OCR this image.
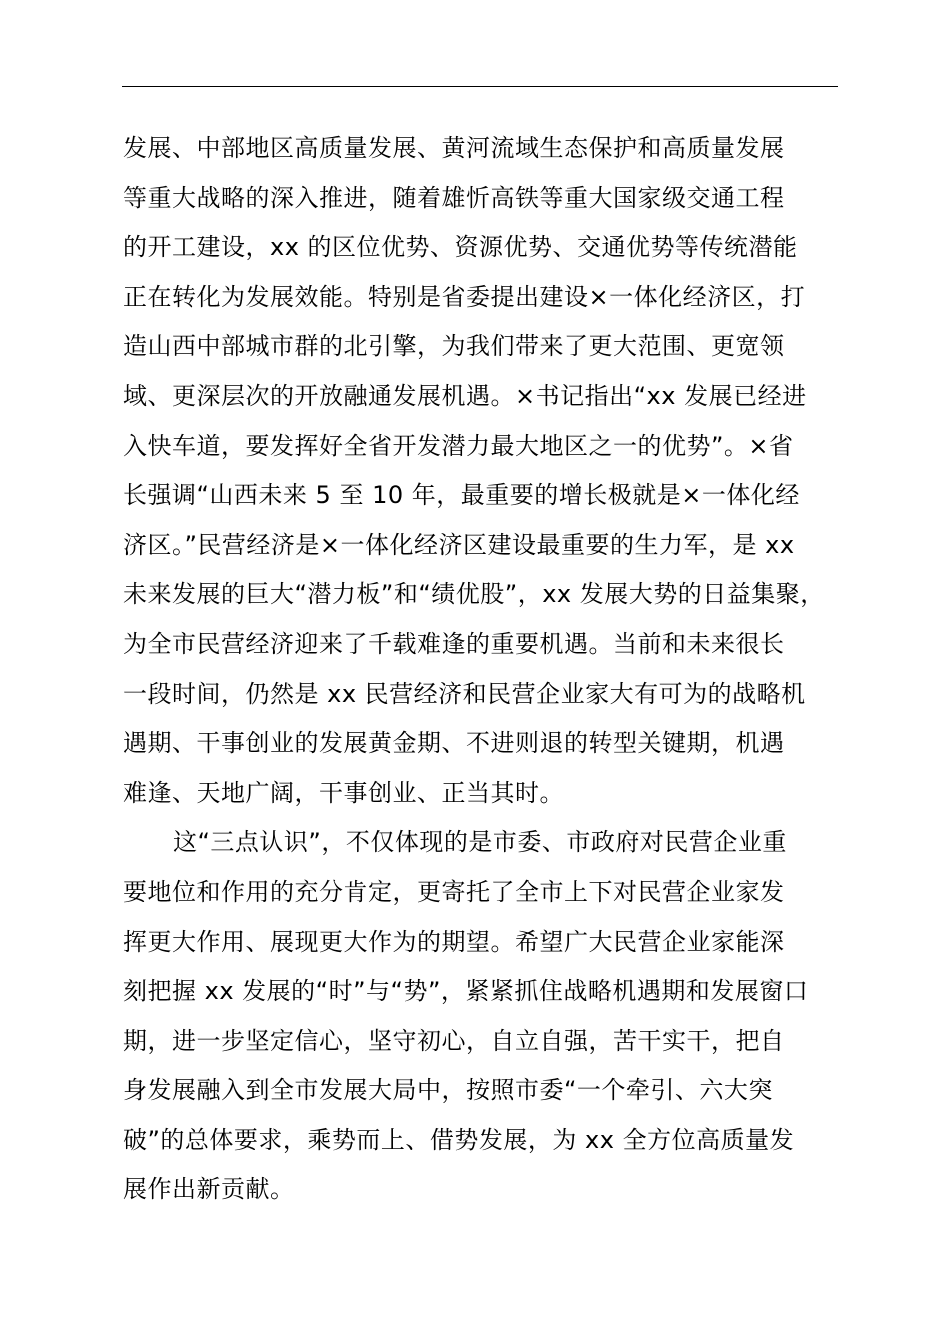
发展、中部地区高质量发展、黄河流域生态保护和高质量发展
等重大战略的深入推进，随着雄忻高铁等重大国家级交通工程
的开工建设，xx 的区位优势、资源优势、交通优势等传统潜能
正在转化为发展效能。特别是省委提出建设×一体化经济区，打
造山西中部城市群的北引擎，为我们带来了更大范围、更宽领
域、更深层次的开放融通发展机遇。×书记指出“xx 发展已经进
入快车道，要发挥好全省开发潜力最大地区之一的优势”。×省
长强调“山西未来 5 至 10 年，最重要的增长极就是×一体化经
济区。”民营经济是×一体化经济区建设最重要的生力军，是 xx
未来发展的巨大“潜力板”和“绩优股”，xx 发展大势的日益集聚，
为全市民营经济迎来了千载难逢的重要机遇。当前和未来很长
一段时间，仍然是 xx 民营经济和民营企业家大有可为的战略机
遇期、干事创业的发展黄金期、不进则退的转型关键期，机遇
难逢、天地广阔，干事创业、正当其时。
这“三点认识”，不仅体现的是市委、市政府对民营企业重
要地位和作用的充分肯定，更寄托了全市上下对民营企业家发
挥更大作用、展现更大作为的期望。希望广大民营企业家能深
刻把握 xx 发展的“时”与“势”，紧紧抓住战略机遇期和发展窗口
期，进一步坚定信心，坚守初心，自立自强，苦干实干，把自
身发展融入到全市发展大局中，按照市委“一个牵引、六大突
破”的总体要求，乘势而上、借势发展，为 xx 全方位高质量发
展作出新贡献。
